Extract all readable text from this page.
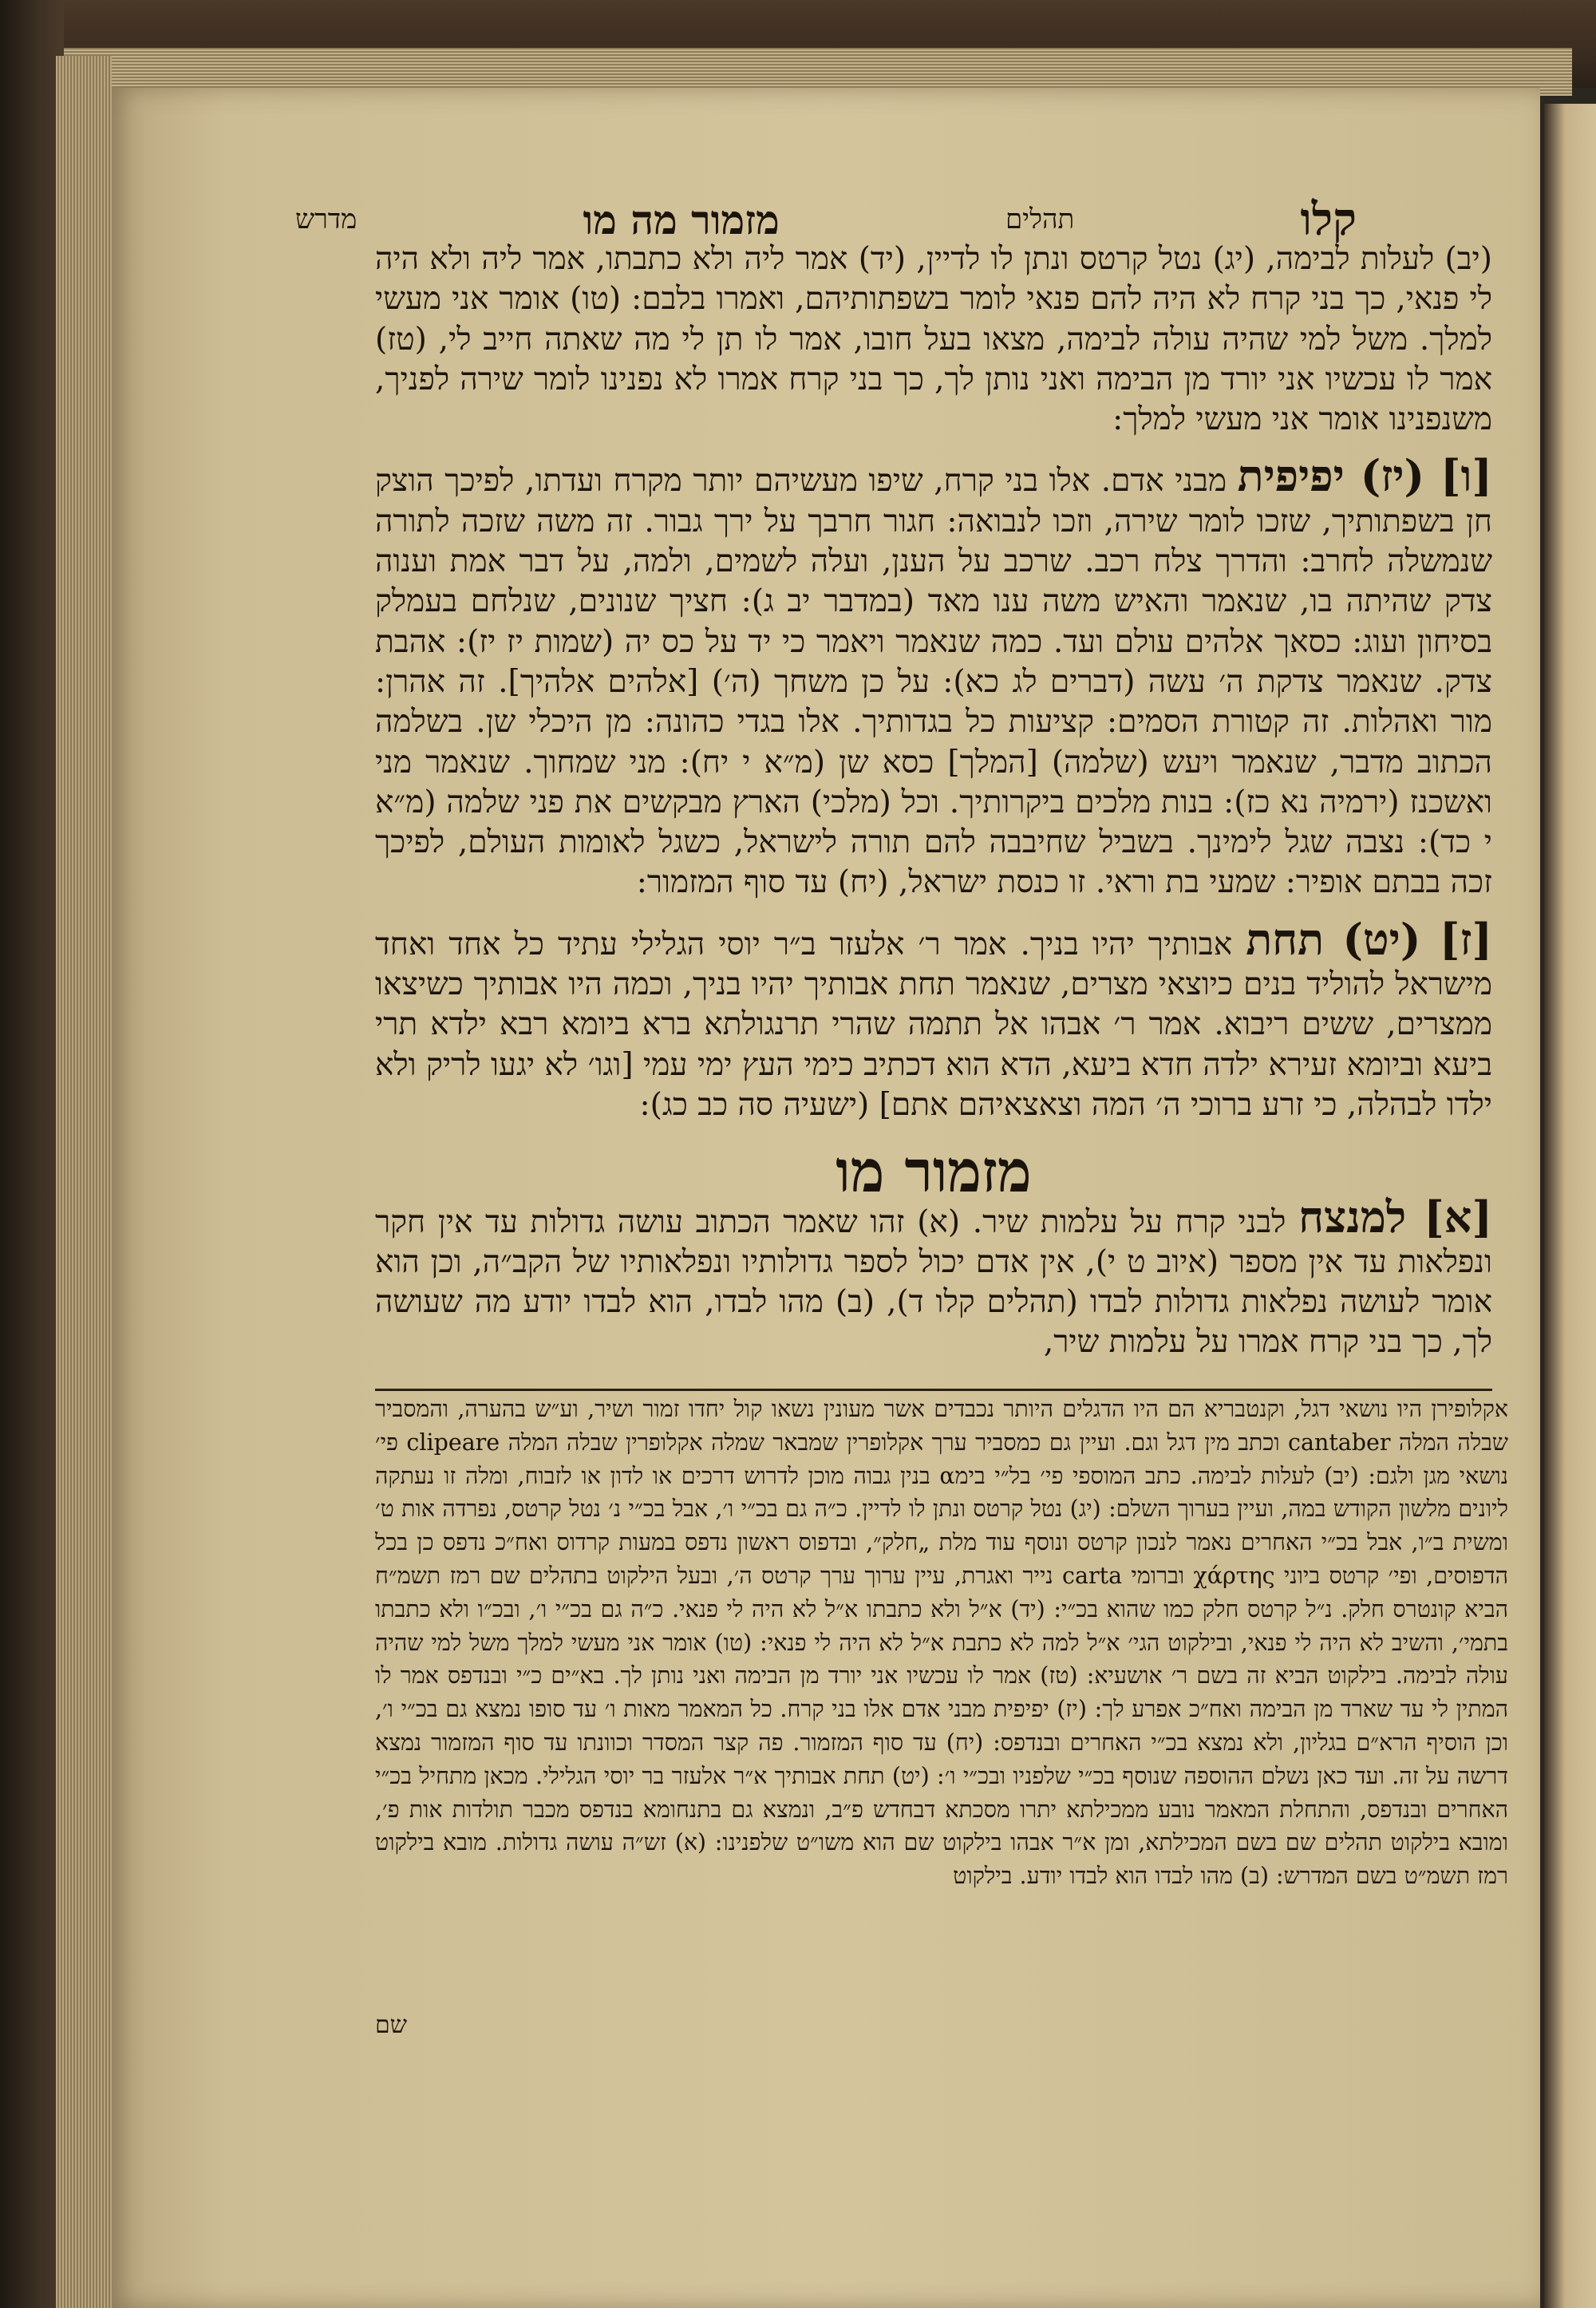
קלו
תהלים
מזמור מה מו
מדרש
(יב) לעלות לבימה, (יג) נטל קרטס ונתן לו לדיין, (יד) אמר ליה ולא כתבתו, אמר ליה ולא היה לי פנאי, כך בני קרח לא היה להם פנאי לומר בשפתותיהם, ואמרו בלבם: (טו) אומר אני מעשי למלך. משל למי שהיה עולה לבימה, מצאו בעל חובו, אמר לו תן לי מה שאתה חייב לי, (טז) אמר לו עכשיו אני יורד מן הבימה ואני נותן לך, כך בני קרח אמרו לא נפנינו לומר שירה לפניך, משנפנינו אומר אני מעשי למלך:
[ו] (יז) יפיפית מבני אדם. אלו בני קרח, שיפו מעשיהם יותר מקרח ועדתו, לפיכך הוצק חן בשפתותיך, שזכו לומר שירה, וזכו לנבואה: חגור חרבך על ירך גבור. זה משה שזכה לתורה שנמשלה לחרב: והדרך צלח רכב. שרכב על הענן, ועלה לשמים, ולמה, על דבר אמת וענוה צדק שהיתה בו, שנאמר והאיש משה ענו מאד (במדבר יב ג): חציך שנונים, שנלחם בעמלק בסיחון ועוג: כסאך אלהים עולם ועד. כמה שנאמר ויאמר כי יד על כס יה (שמות יז יז): אהבת צדק. שנאמר צדקת ה׳ עשה (דברים לג כא): על כן משחך (ה׳) [אלהים אלהיך]. זה אהרן: מור ואהלות. זה קטורת הסמים: קציעות כל בגדותיך. אלו בגדי כהונה: מן היכלי שן. בשלמה הכתוב מדבר, שנאמר ויעש (שלמה) [המלך] כסא שן (מ״א י יח): מני שמחוך. שנאמר מני ואשכנז (ירמיה נא כז): בנות מלכים ביקרותיך. וכל (מלכי) הארץ מבקשים את פני שלמה (מ״א י כד): נצבה שגל לימינך. בשביל שחיבבה להם תורה לישראל, כשגל לאומות העולם, לפיכך זכה בבתם אופיר: שמעי בת וראי. זו כנסת ישראל, (יח) עד סוף המזמור:
[ז] (יט) תחת אבותיך יהיו בניך. אמר ר׳ אלעזר ב״ר יוסי הגלילי עתיד כל אחד ואחד מישראל להוליד בנים כיוצאי מצרים, שנאמר תחת אבותיך יהיו בניך, וכמה היו אבותיך כשיצאו ממצרים, ששים ריבוא. אמר ר׳ אבהו אל תתמה שהרי תרנגולתא ברא ביומא רבא ילדא תרי ביעא וביומא זעירא ילדה חדא ביעא, הדא הוא דכתיב כימי העץ ימי עמי [וגו׳ לא יגעו לריק ולא ילדו לבהלה, כי זרע ברוכי ה׳ המה וצאצאיהם אתם] (ישעיה סה כב כג):
מזמור מו
[א] למנצח לבני קרח על עלמות שיר. (א) זהו שאמר הכתוב עושה גדולות עד אין חקר ונפלאות עד אין מספר (איוב ט י), אין אדם יכול לספר גדולותיו ונפלאותיו של הקב״ה, וכן הוא אומר לעושה נפלאות גדולות לבדו (תהלים קלו ד), (ב) מהו לבדו, הוא לבדו יודע מה שעושה לך, כך בני קרח אמרו על עלמות שיר,
אקלופירן היו נושאי דגל, וקנטבריא הם היו הדגלים היותר נכבדים אשר מעונין נשאו קול יחדו זמור ושיר, וע״ש בהערה, והמסביר שבלה המלה cantaber וכתב מין דגל וגם. ועיין גם כמסביר ערך אקלופרין שמבאר שמלה אקלופרין שבלה המלה clipeare פי׳ נושאי מגן ולגם: (יב) לעלות לבימה. כתב המוספי פי׳ בל״י בימα בנין גבוה מוכן לדרוש דרכים או לדון או לזבוח, ומלה זו נעתקה ליונים מלשון הקודש במה, ועיין בערוך השלם: (יג) נטל קרטס ונתן לו לדיין. כ״ה גם בכ״י ו׳, אבל בכ״י נ׳ נטל קרטס, נפרדה אות ט׳ ומשית ב״ו, אבל בכ״י האחרים נאמר לנכון קרטס ונוסף עוד מלת „חלק״, ובדפוס ראשון נדפס במעות קרדוס ואח״כ נדפס כן בכל הדפוסים, ופי׳ קרטס ביוני χάρτης וברומי carta נייר ואגרת, עיין ערוך ערך קרטס ה׳, ובעל הילקוט בתהלים שם רמז תשמ״ח הביא קונטרס חלק. נ״ל קרטס חלק כמו שהוא בכ״י: (יד) א״ל ולא כתבתו א״ל לא היה לי פנאי. כ״ה גם בכ״י ו׳, ובכ״ו ולא כתבתו בתמי׳, והשיב לא היה לי פנאי, ובילקוט הגי׳ א״ל למה לא כתבת א״ל לא היה לי פנאי: (טו) אומר אני מעשי למלך משל למי שהיה עולה לבימה. בילקוט הביא זה בשם ר׳ אושעיא: (טז) אמר לו עכשיו אני יורד מן הבימה ואני נותן לך. בא״ים כ״י ובנדפס אמר לו המתין לי עד שארד מן הבימה ואח״כ אפרע לך: (יז) יפיפית מבני אדם אלו בני קרח. כל המאמר מאות ו׳ עד סופו נמצא גם בכ״י ו׳, וכן הוסיף הרא״ם בגליון, ולא נמצא בכ״י האחרים ובנדפס: (יח) עד סוף המזמור. פה קצר המסדר וכוונתו עד סוף המזמור נמצא דרשה על זה. ועד כאן נשלם ההוספה שנוסף בכ״י שלפניו ובכ״י ו׳: (יט) תחת אבותיך א״ר אלעזר בר יוסי הגלילי. מכאן מתחיל בכ״י האחרים ובנדפס, והתחלת המאמר נובע ממכילתא יתרו מסכתא דבחדש פ״ב, ונמצא גם בתנחומא בנדפס מכבר תולדות אות פ׳, ומובא בילקוט תהלים שם בשם המכילתא, ומן א״ר אבהו בילקוט שם הוא משו״ט שלפנינו: (א) זש״ה עושה גדולות. מובא בילקוט רמז תשמ״ט בשם המדרש: (ב) מהו לבדו הוא לבדו יודע. בילקוט
שם
